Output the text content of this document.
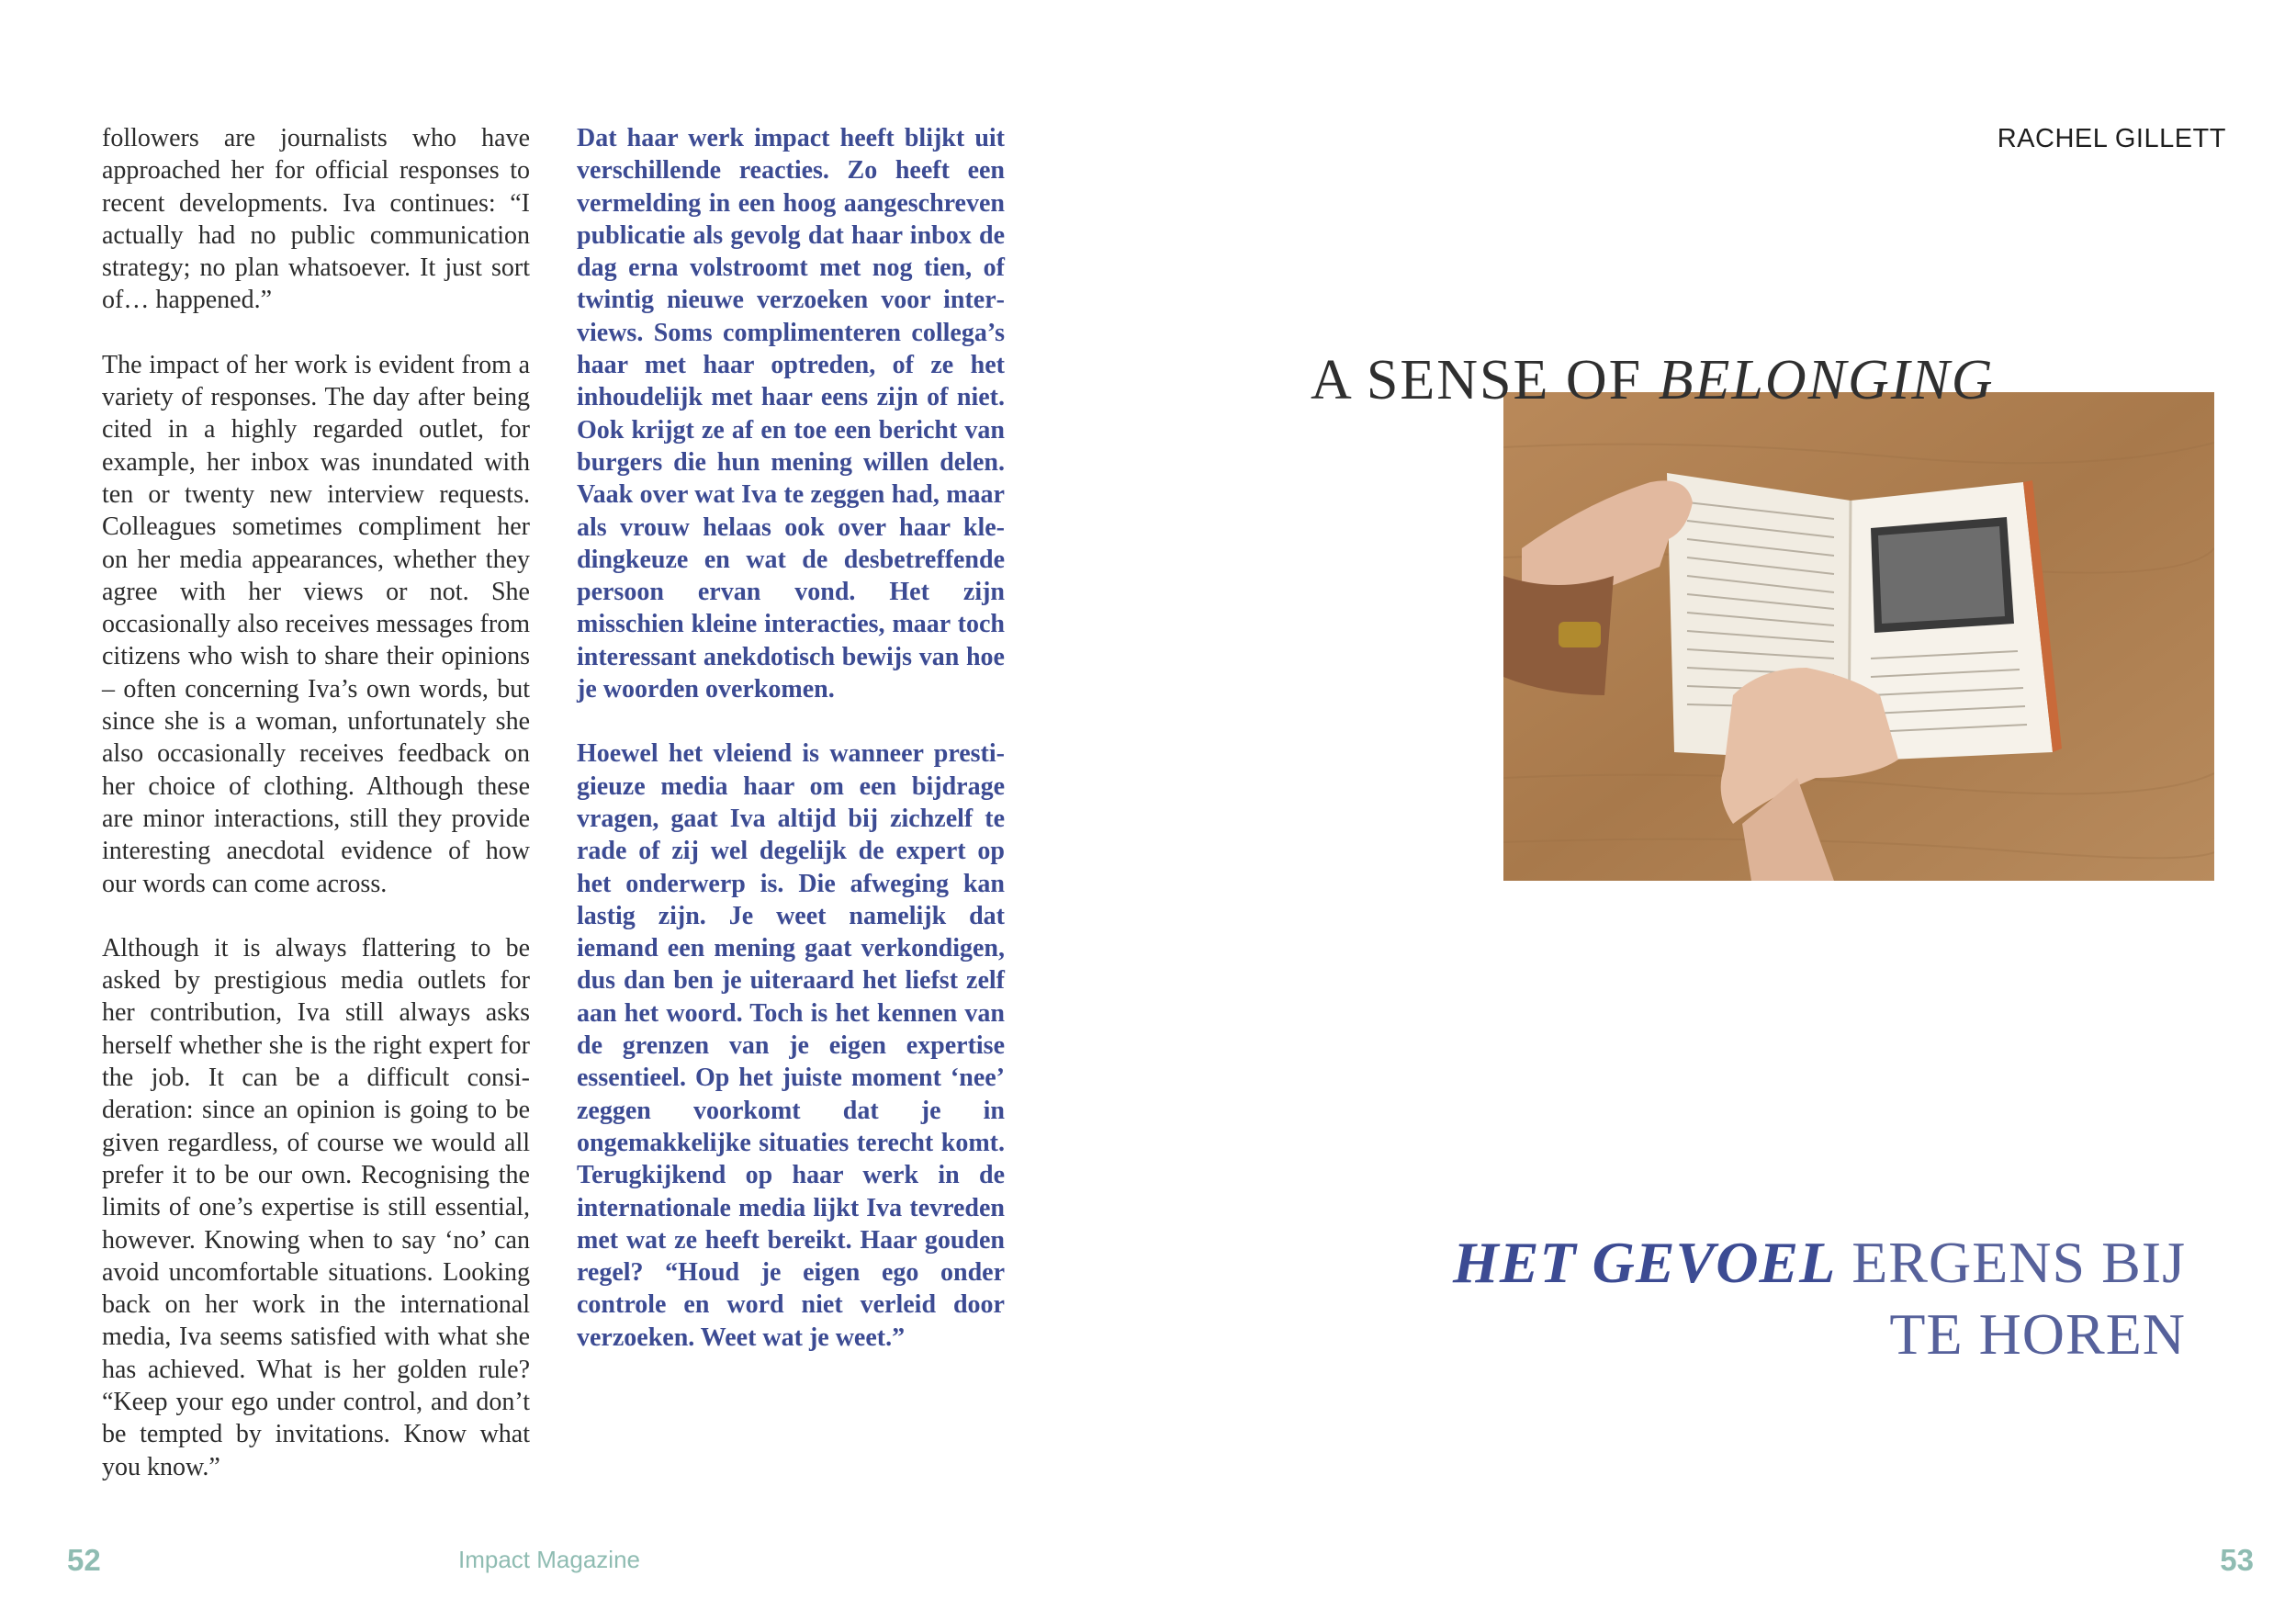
followers are journalists who have approached her for official responses to recent developments. Iva continues: “I actually had no public communication strategy; no plan whatsoever. It just sort of… happened.”

The impact of her work is evident from a variety of responses. The day after being cited in a highly regarded outlet, for example, her inbox was inundated with ten or twenty new interview requests. Colleagues sometimes compliment her on her media appearances, whether they agree with her views or not. She occasionally also receives messages from citizens who wish to share their opinions – often concerning Iva’s own words, but since she is a woman, unfortunately she also occasionally receives feedback on her choice of clothing. Although these are minor interactions, still they provide interesting anecdotal evidence of how our words can come across.

Although it is always flattering to be asked by prestigious media outlets for her contribution, Iva still always asks herself whether she is the right expert for the job. It can be a difficult consideration: since an opinion is going to be given regardless, of course we would all prefer it to be our own. Recognising the limits of one’s expertise is still essential, however. Knowing when to say ‘no’ can avoid uncomfortable situations. Looking back on her work in the international media, Iva seems satisfied with what she has achieved. What is her golden rule? “Keep your ego under control, and don’t be tempted by invitations. Know what you know.”

Dat haar werk impact heeft blijkt uit verschillende reacties. Zo heeft een vermelding in een hoog aangeschreven publicatie als gevolg dat haar inbox de dag erna volstroomt met nog tien, of twintig nieuwe verzoeken voor interviews. Soms complimenteren collega’s haar met haar optreden, of ze het inhoudelijk met haar eens zijn of niet. Ook krijgt ze af en toe een bericht van burgers die hun mening willen delen. Vaak over wat Iva te zeggen had, maar als vrouw helaas ook over haar kledingkeuze en wat de desbetreffende persoon ervan vond. Het zijn misschien kleine interacties, maar toch interessant anekdotisch bewijs van hoe je woorden overkomen.

Hoewel het vleiend is wanneer prestigieuze media haar om een bijdrage vragen, gaat Iva altijd bij zichzelf te rade of zij wel degelijk de expert op het onderwerp is. Die afweging kan lastig zijn. Je weet namelijk dat iemand een mening gaat verkondigen, dus dan ben je uiteraard het liefst zelf aan het woord. Toch is het kennen van de grenzen van je eigen expertise essentieel. Op het juiste moment ‘nee’ zeggen voorkomt dat je in ongemakkelijke situaties terecht komt. Terugkijkend op haar werk in de internationale media lijkt Iva tevreden met wat ze heeft bereikt. Haar gouden regel? “Houd je eigen ego onder controle en word niet verleid door verzoeken. Weet wat je weet.”

52	Impact Magazine
RACHEL GILLETT
A SENSE OF BELONGING
HET GEVOEL ERGENS BIJ
TE HOREN
53
